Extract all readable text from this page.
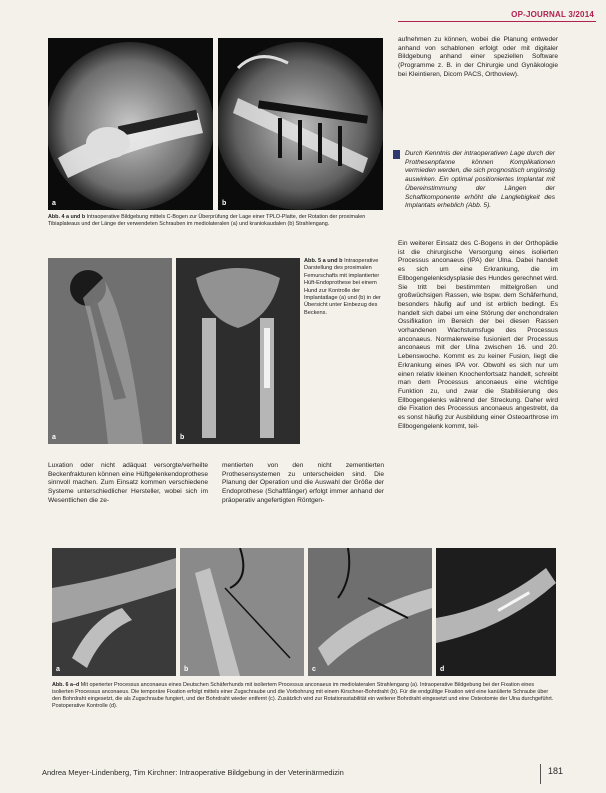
OP-JOURNAL 3/2014
a	b
Abb. 4 a und b Intraoperative Bildgebung mittels C-Bogen zur Überprüfung der Lage einer TPLO-Platte, der Rotation der proximalen Tibiaplateaus und der Länge der verwendeten Schrauben im mediolateralen (a) und kraniokaudalen (b) Strahlengang.
a	b
Abb. 5 a und b Intraoperative Darstellung des proximalen Femurschafts mit implantierter Hüft-Endoprothese bei einem Hund zur Kontrolle der Implantatlage (a) und (b) in der Übersicht unter Einbezug des Beckens.

aufnehmen zu können, wobei die Planung entweder anhand von schablonen erfolgt oder mit digitaler Bildgebung anhand einer speziellen Software (Programme z. B. in der Chirurgie und Gynäkologie bei Kleintieren, Dicom PACS, Orthoview).

Durch Kenntnis der intraoperativen Lage durch der Prothesenpfanne können Komplikationen vermieden werden, die sich prognostisch ungünstig auswirken. Ein optimal positioniertes Implantat mit Übereinstimmung der Längen der Schaftkomponente erhöht die Langlebigkeit des Implantats erheblich (Abb. 5).

Ein weiterer Einsatz des C-Bogens in der Orthopädie ist die chirurgische Versorgung eines isolierten Processus anconaeus (IPA) der Ulna. Dabei handelt es sich um eine Erkrankung, die im Ellbogengelenksdysplasie des Hundes gerechnet wird. Sie tritt bei bestimmten mittelgroßen und großwüchsigen Rassen, wie bspw. dem Schäferhund, besonders häufig auf und ist erblich bedingt. Es handelt sich dabei um eine Störung der enchondralen Ossifikation im Bereich der bei diesen Rassen vorhandenen Wachstumsfuge des Processus anconaeus. Normalerweise fusioniert der Processus anconaeus mit der Ulna zwischen 16. und 20. Lebenswoche. Kommt es zu keiner Fusion, liegt die Erkrankung eines IPA vor. Obwohl es sich nur um einen relativ kleinen Knochenfortsatz handelt, schreibt man dem Processus anconaeus eine wichtige Funktion zu, und zwar die Stabilisierung des Ellbogengelenks während der Streckung. Daher wird die Fixation des Processus anconaeus angestrebt, da es sonst häufig zur Ausbildung einer Osteoarthrose im Ellbogengelenk kommt, teil-

Luxation oder nicht adäquat versorgte/verheilte Beckenfrakturen können eine Hüftgelenkendoprothese sinnvoll machen. Zum Einsatz kommen verschiedene Systeme unterschiedlicher Hersteller, wobei sich im Wesentlichen die ze-

mentierten von den nicht zementierten Prothesensystemen zu unterscheiden sind. Die Planung der Operation und die Auswahl der Größe der Endoprothese (Schaftfänger) erfolgt immer anhand der präoperativ angefertigten Röntgen-

a	b	c	d
Abb. 6 a–d Mit operierter Processus anconaeus eines Deutschen Schäferhunds mit isoliertem Processus anconaeus im mediolateralen Strahlengang (a). Intraoperative Bildgebung bei der Fixation eines isolierten Processus anconaeus. Die temporäre Fixation erfolgt mittels einer Zugschraube und die Vorbohrung mit einem Kirschner-Bohrdraht (b). Für die endgültige Fixation wird eine kanülierte Schraube über den Bohrdraht eingesetzt, die als Zugschraube fungiert, und der Bohrdraht wieder entfernt (c). Zusätzlich wird zur Rotationsstabilität ein weiterer Bohrdraht eingesetzt und eine Osteotomie der Ulna durchgeführt. Postoperative Kontrolle (d).
Andrea Meyer-Lindenberg, Tim Kirchner: Intraoperative Bildgebung in der Veterinärmedizin	181
